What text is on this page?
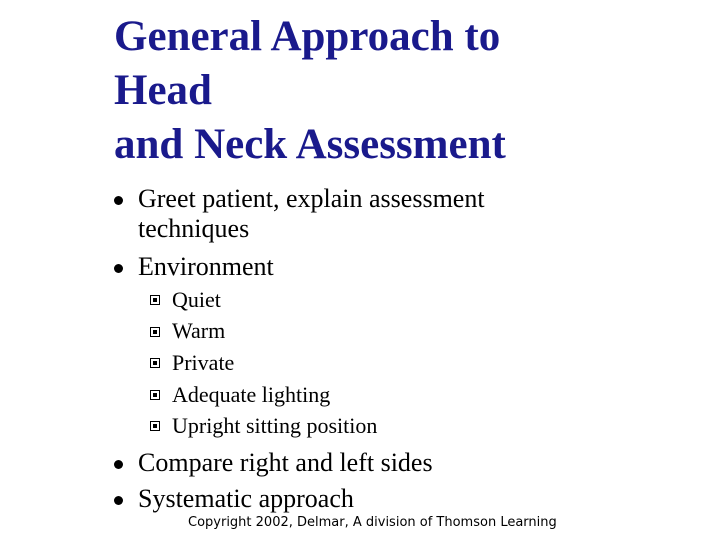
General Approach to
Head
and Neck Assessment
Greet patient, explain assessment
techniques
Environment
Quiet
Warm
Private
Adequate lighting
Upright sitting position
Compare right and left sides
Systematic approach
Copyright 2002, Delmar, A division of Thomson Learning
